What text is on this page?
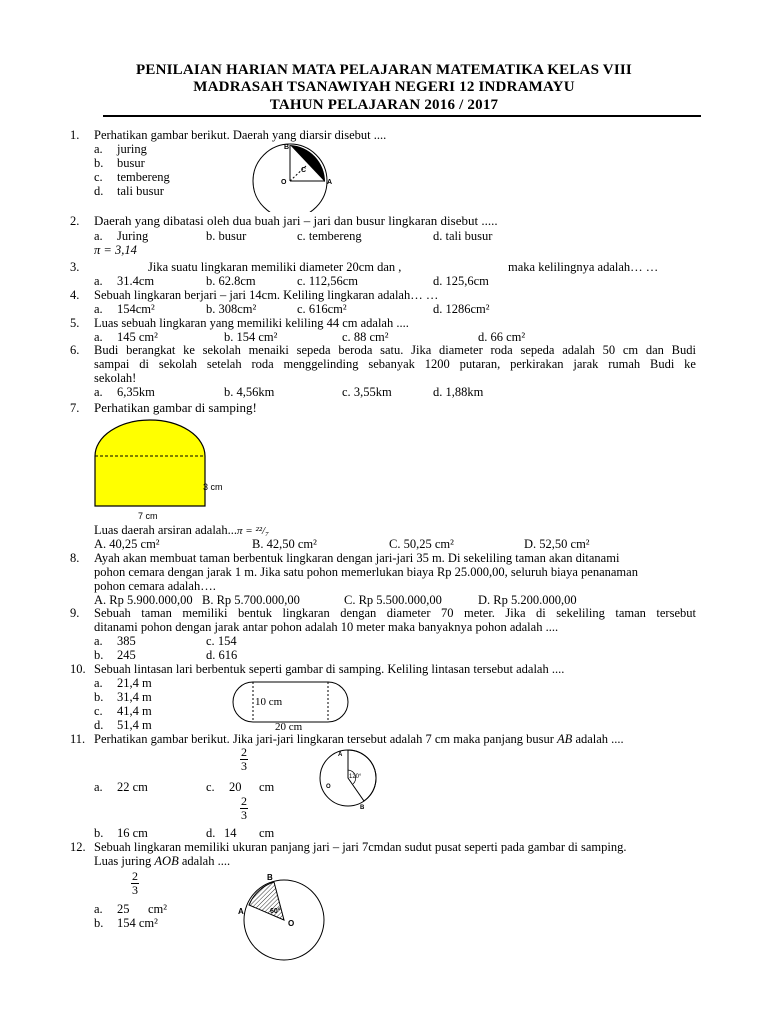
PENILAIAN HARIAN MATA PELAJARAN MATEMATIKA KELAS VIII
MADRASAH TSANAWIYAH NEGERI 12 INDRAMAYU
TAHUN PELAJARAN 2016 / 2017
1. Perhatikan gambar berikut. Daerah yang diarsir disebut ....
a. juring
b. busur
c. tembereng
d. tali busur
B
C
O	A
2. Daerah yang dibatasi oleh dua buah jari – jari dan busur lingkaran disebut .....
a. Juring	b. busur	c. tembereng	d. tali busur
π = 3,14
3.	Jika suatu lingkaran memiliki diameter 20cm dan ,	maka kelilingnya adalah… …
a. 31.4cm	b. 62.8cm	c. 112,56cm	d. 125,6cm
4. Sebuah lingkaran berjari – jari 14cm. Keliling lingkaran adalah… …
a. 154cm²	b. 308cm²	c. 616cm²	d. 1286cm²
5. Luas sebuah lingkaran yang memiliki keliling 44 cm adalah ....
a. 145 cm²	b. 154 cm²	c. 88 cm²	d. 66 cm²
6. Budi berangkat ke sekolah menaiki sepeda beroda satu. Jika diameter roda sepeda adalah 50 cm dan Budi
sampai di sekolah setelah roda menggelinding sebanyak 1200 putaran, perkirakan jarak rumah Budi ke
sekolah!
a. 6,35km	b. 4,56km	c. 3,55km	d. 1,88km
7. Perhatikan gambar di samping!
3 cm
7 cm
Luas daerah arsiran adalah...π = ²²/₇
A. 40,25 cm²	B. 42,50 cm²	C. 50,25 cm²	D. 52,50 cm²
8. Ayah akan membuat taman berbentuk lingkaran dengan jari-jari 35 m. Di sekeliling taman akan ditanami
pohon cemara dengan jarak 1 m. Jika satu pohon memerlukan biaya Rp 25.000,00, seluruh biaya penanaman
pohon cemara adalah….
A. Rp 5.900.000,00 B. Rp 5.700.000,00	C. Rp 5.500.000,00	D. Rp 5.200.000,00
9. Sebuah taman memiliki bentuk lingkaran dengan diameter 70 meter. Jika di sekeliling taman tersebut
ditanami pohon dengan jarak antar pohon adalah 10 meter maka banyaknya pohon adalah ....
a. 385	c. 154
b. 245	d. 616
10. Sebuah lintasan lari berbentuk seperti gambar di samping. Keliling lintasan tersebut adalah ....
a. 21,4 m
b. 31,4 m
c. 41,4 m
d. 51,4 m
10 cm
20 cm
11. Perhatikan gambar berikut. Jika jari-jari lingkaran tersebut adalah 7 cm maka panjang busur AB adalah ....
$\frac{2}{3}$
a. 22 cm	c. 20 cm
$\frac{2}{3}$
b. 16 cm	d. 14 cm
120°
A
O
B
12. Sebuah lingkaran memiliki ukuran panjang jari – jari 7cmdan sudut pusat seperti pada gambar di samping.
Luas juring AOB adalah ....
$\frac{2}{3}$
a. 25 cm²
b. 154 cm²
60°
B
A
O
